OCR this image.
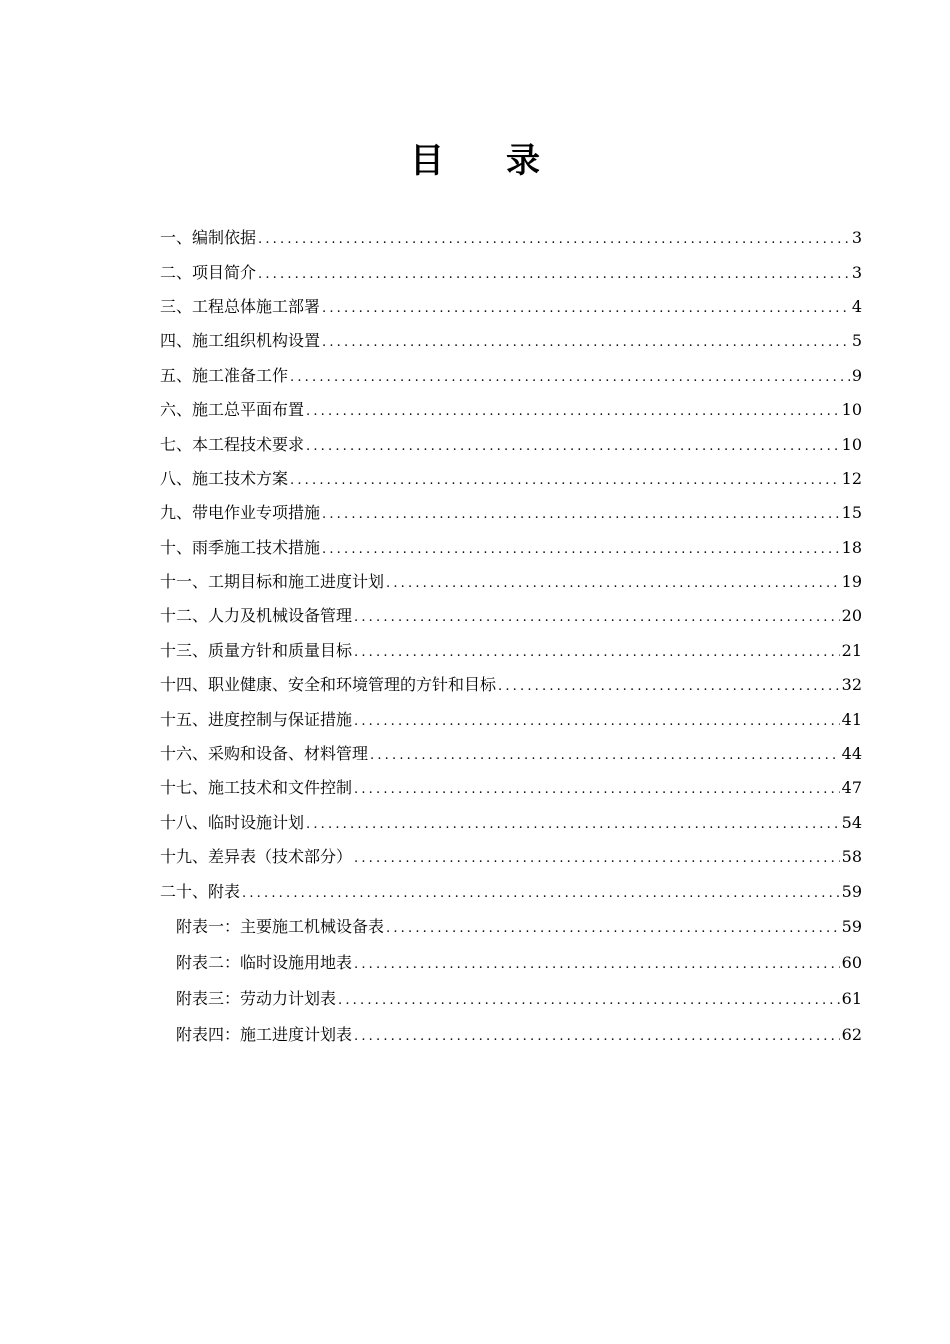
目 录
一、编制依据 .....	3
二、项目简介 .....	3
三、工程总体施工部署 .....	4
四、施工组织机构设置 .....	5
五、施工准备工作 .....	9
六、施工总平面布置 .....	10
七、本工程技术要求 .....	10
八、施工技术方案 .....	12
九、带电作业专项措施 .....	15
十、雨季施工技术措施 .....	18
十一、工期目标和施工进度计划 .....	19
十二、人力及机械设备管理 .....	20
十三、质量方针和质量目标 .....	21
十四、职业健康、安全和环境管理的方针和目标 .....	32
十五、进度控制与保证措施 .....	41
十六、采购和设备、材料管理 .....	44
十七、施工技术和文件控制 .....	47
十八、临时设施计划 .....	54
十九、差异表（技术部分） .....	58
二十、附表 .....	59
附表一：主要施工机械设备表 .....	59
附表二：临时设施用地表 .....	60
附表三：劳动力计划表 .....	61
附表四：施工进度计划表 .....	62
